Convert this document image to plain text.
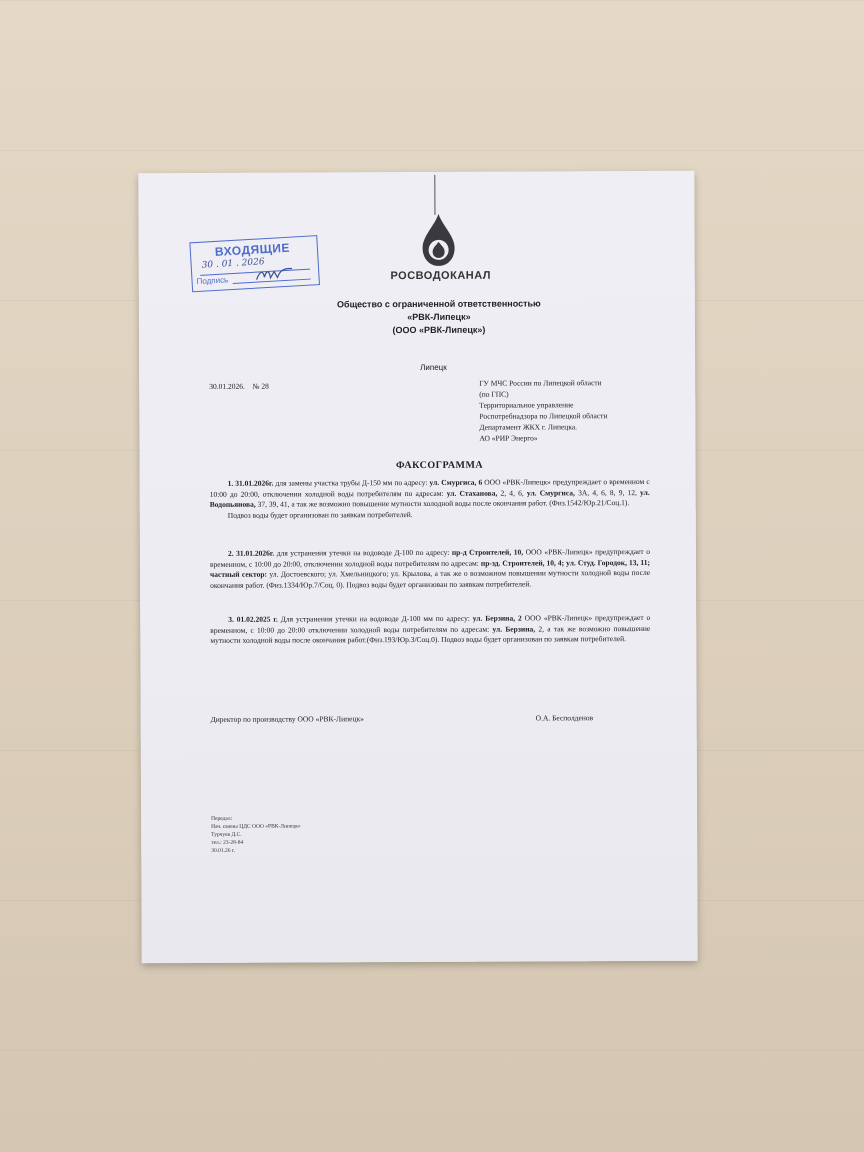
РОСВОДОКАНАЛ
Общество с ограниченной ответственностью
«РВК-Липецк»
(ООО «РВК-Липецк»)
ВХОДЯЩИЕ
30 . 01 . 2026
Подпись
Липецк
30.01.2026. № 28	ГУ МЧС России по Липецкой области
(по ГПС)
Территориальное управление
Роспотребнадзора по Липецкой области
Департамент ЖКХ г. Липецка.
АО «РИР Энерго»
ФАКСОГРАММА

1. 31.01.2026г. для замены участка трубы Д-150 мм по адресу: ул. Смургиса, 6 ООО «РВК-Липецк» предупреждает о временном с 10:00 до 20:00, отключении холодной воды потребителям по адресам: ул. Стаханова, 2, 4, 6, ул. Смургиса, 3А, 4, 6, 8, 9, 12, ул. Водопьянова, 37, 39, 41, а так же возможно повышение мутности холодной воды после окончания работ. (Физ.1542/Юр.21/Соц.1).

Подвоз воды будет организован по заявкам потребителей.

2. 31.01.2026г. для устранения утечки на водоводе Д-100 по адресу: пр-д Строителей, 10, ООО «РВК-Липецк» предупреждает о временном, с 10:00 до 20:00, отключении холодной воды потребителям по адресам: пр-зд. Строителей, 10, 4; ул. Студ. Городок, 13, 11; частный сектор: ул. Достоевского; ул. Хмельницкого; ул. Крылова, а так же о возможном повышении мутности холодной воды после окончания работ. (Физ.1334/Юр.7/Соц. 0). Подвоз воды будет организован по заявкам потребителей.

3. 01.02.2025 г. Для устранения утечки на водоводе Д-100 мм по адресу: ул. Берзина, 2 ООО «РВК-Липецк» предупреждает о временном, с 10:00 до 20:00 отключении холодной воды потребителям по адресам: ул. Берзина, 2, а так же возможно повышение мутности холодной воды после окончания работ.(Физ.193/Юр.3/Соц.0). Подвоз воды будет организован по заявкам потребителей.

Директор по производству ООО «РВК-Липецк»	О.А. Бесполденов
Передал:
Нач. смены ЦДС ООО «РВК-Липецк»
Турчуев Д.С.
тел.: 23-28-84
30.01.26 г.
